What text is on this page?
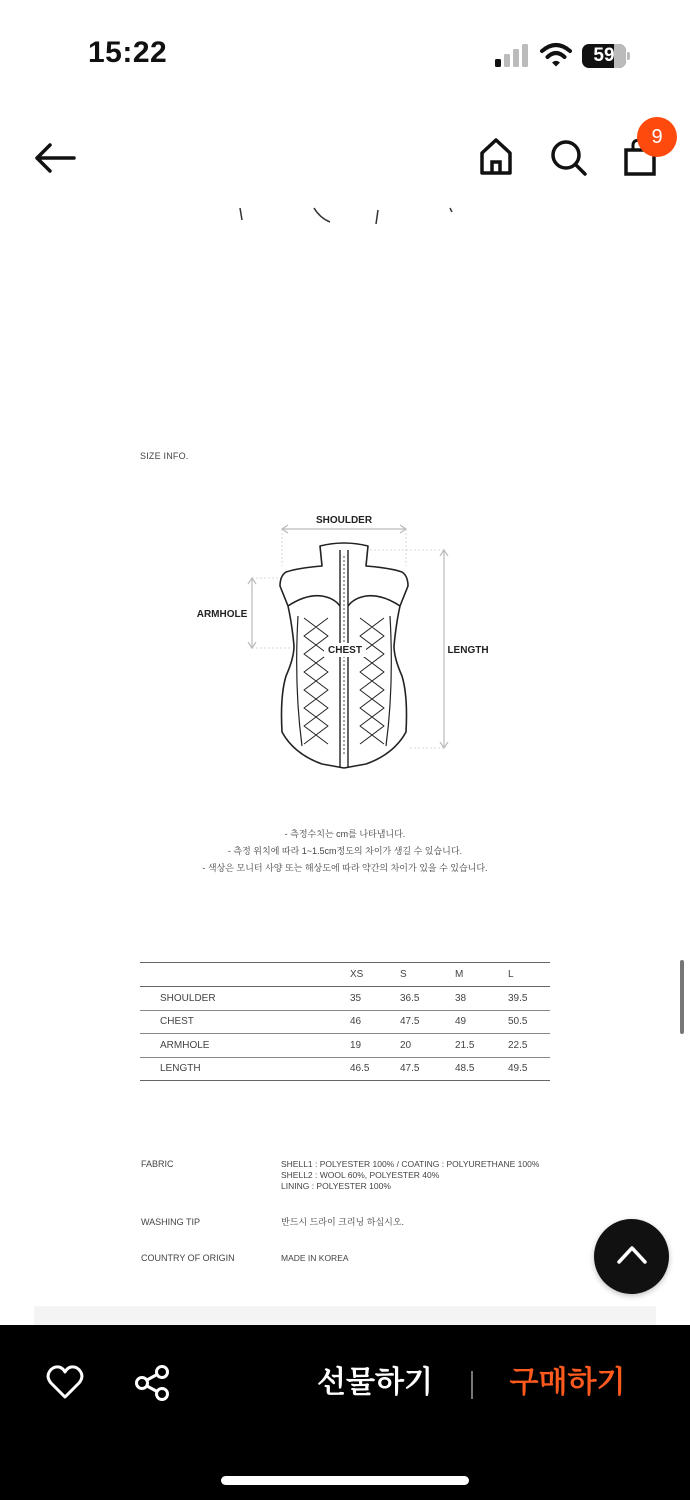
15:22	59
9
SIZE INFO.
SHOULDER
ARMHOLE
LENGTH
CHEST
- 측정수치는 cm를 나타냅니다.
- 측정 위치에 따라 1~1.5cm정도의 차이가 생길 수 있습니다.
- 색상은 모니터 사양 또는 해상도에 따라 약간의 차이가 있을 수 있습니다.
	XS	S	M	L
SHOULDER	35	36.5	38	39.5
CHEST	46	47.5	49	50.5
ARMHOLE	19	20	21.5	22.5
LENGTH	46.5	47.5	48.5	49.5
FABRIC	SHELL1 : POLYESTER 100% / COATING : POLYURETHANE 100%
SHELL2 : WOOL 60%, POLYESTER 40%
LINING : POLYESTER 100%
WASHING TIP	반드시 드라이 크리닝 하십시오.
COUNTRY OF ORIGIN	MADE IN KOREA
선물하기	구매하기
